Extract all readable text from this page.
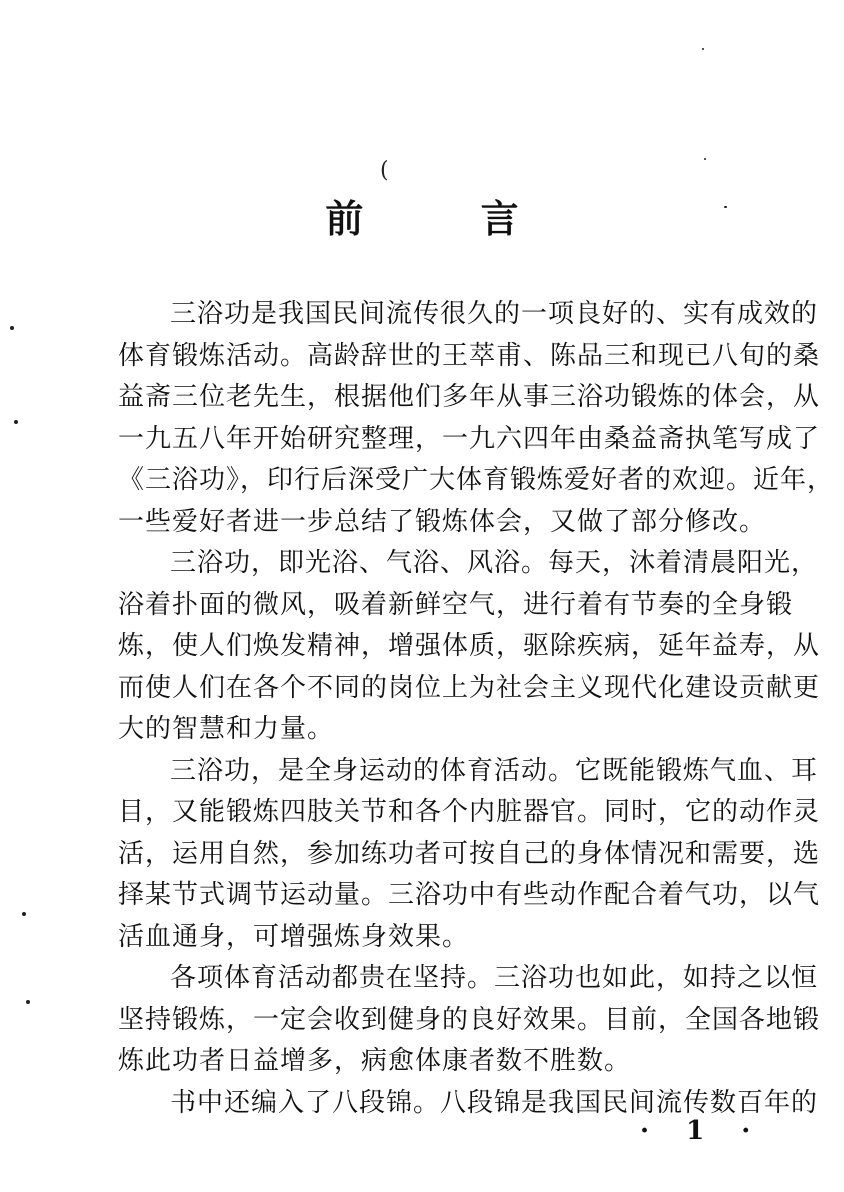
(
前 言
三浴功是我国民间流传很久的一项良好的、实有成效的
体育锻炼活动。高龄辞世的王萃甫、陈品三和现已八旬的桑
益斋三位老先生，根据他们多年从事三浴功锻炼的体会，从
一九五八年开始研究整理，一九六四年由桑益斋执笔写成了
《三浴功》，印行后深受广大体育锻炼爱好者的欢迎。近年，
一些爱好者进一步总结了锻炼体会，又做了部分修改。
三浴功，即光浴、气浴、风浴。每天，沐着清晨阳光，
浴着扑面的微风，吸着新鲜空气，进行着有节奏的全身锻
炼，使人们焕发精神，增强体质，驱除疾病，延年益寿，从
而使人们在各个不同的岗位上为社会主义现代化建设贡献更
大的智慧和力量。
三浴功，是全身运动的体育活动。它既能锻炼气血、耳
目，又能锻炼四肢关节和各个内脏器官。同时，它的动作灵
活，运用自然，参加练功者可按自己的身体情况和需要，选
择某节式调节运动量。三浴功中有些动作配合着气功，以气
活血通身，可增强炼身效果。
各项体育活动都贵在坚持。三浴功也如此，如持之以恒
坚持锻炼，一定会收到健身的良好效果。目前，全国各地锻
炼此功者日益增多，病愈体康者数不胜数。
书中还编入了八段锦。八段锦是我国民间流传数百年的
· 1 ·
